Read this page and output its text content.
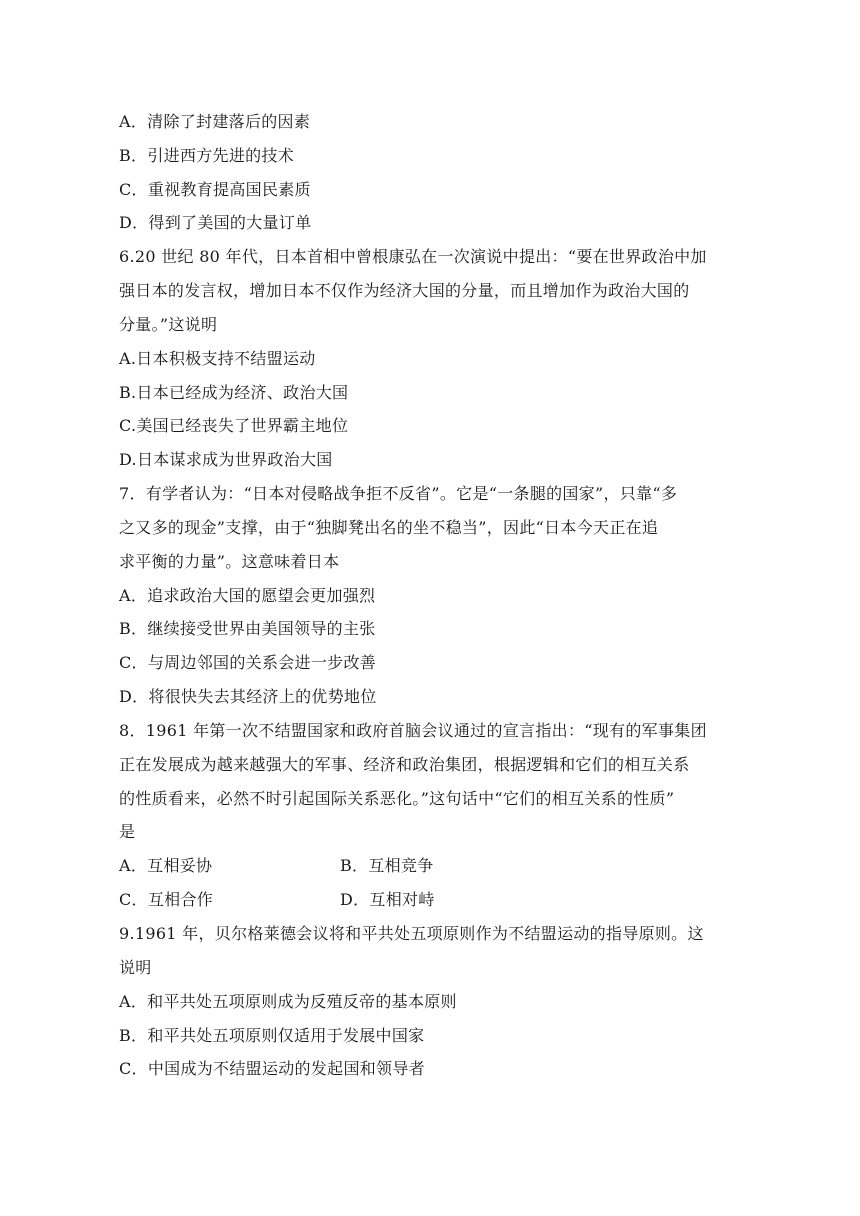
A．清除了封建落后的因素
B．引进西方先进的技术
C．重视教育提高国民素质
D．得到了美国的大量订单
6.20 世纪 80 年代，日本首相中曾根康弘在一次演说中提出：“要在世界政治中加
强日本的发言权，增加日本不仅作为经济大国的分量，而且增加作为政治大国的
分量。”这说明
A.日本积极支持不结盟运动
B.日本已经成为经济、政治大国
C.美国已经丧失了世界霸主地位
D.日本谋求成为世界政治大国
7．有学者认为：“日本对侵略战争拒不反省”。它是“一条腿的国家”，只靠“多
之又多的现金”支撑，由于“独脚凳出名的坐不稳当”，因此“日本今天正在追
求平衡的力量”。这意味着日本
A．追求政治大国的愿望会更加强烈
B．继续接受世界由美国领导的主张
C．与周边邻国的关系会进一步改善
D．将很快失去其经济上的优势地位
8．1961 年第一次不结盟国家和政府首脑会议通过的宣言指出：“现有的军事集团
正在发展成为越来越强大的军事、经济和政治集团，根据逻辑和它们的相互关系
的性质看来，必然不时引起国际关系恶化。”这句话中“它们的相互关系的性质”
是
A．互相妥协	B．互相竞争
C．互相合作	D．互相对峙
9.1961 年，贝尔格莱德会议将和平共处五项原则作为不结盟运动的指导原则。这
说明
A．和平共处五项原则成为反殖反帝的基本原则
B．和平共处五项原则仅适用于发展中国家
C．中国成为不结盟运动的发起国和领导者
